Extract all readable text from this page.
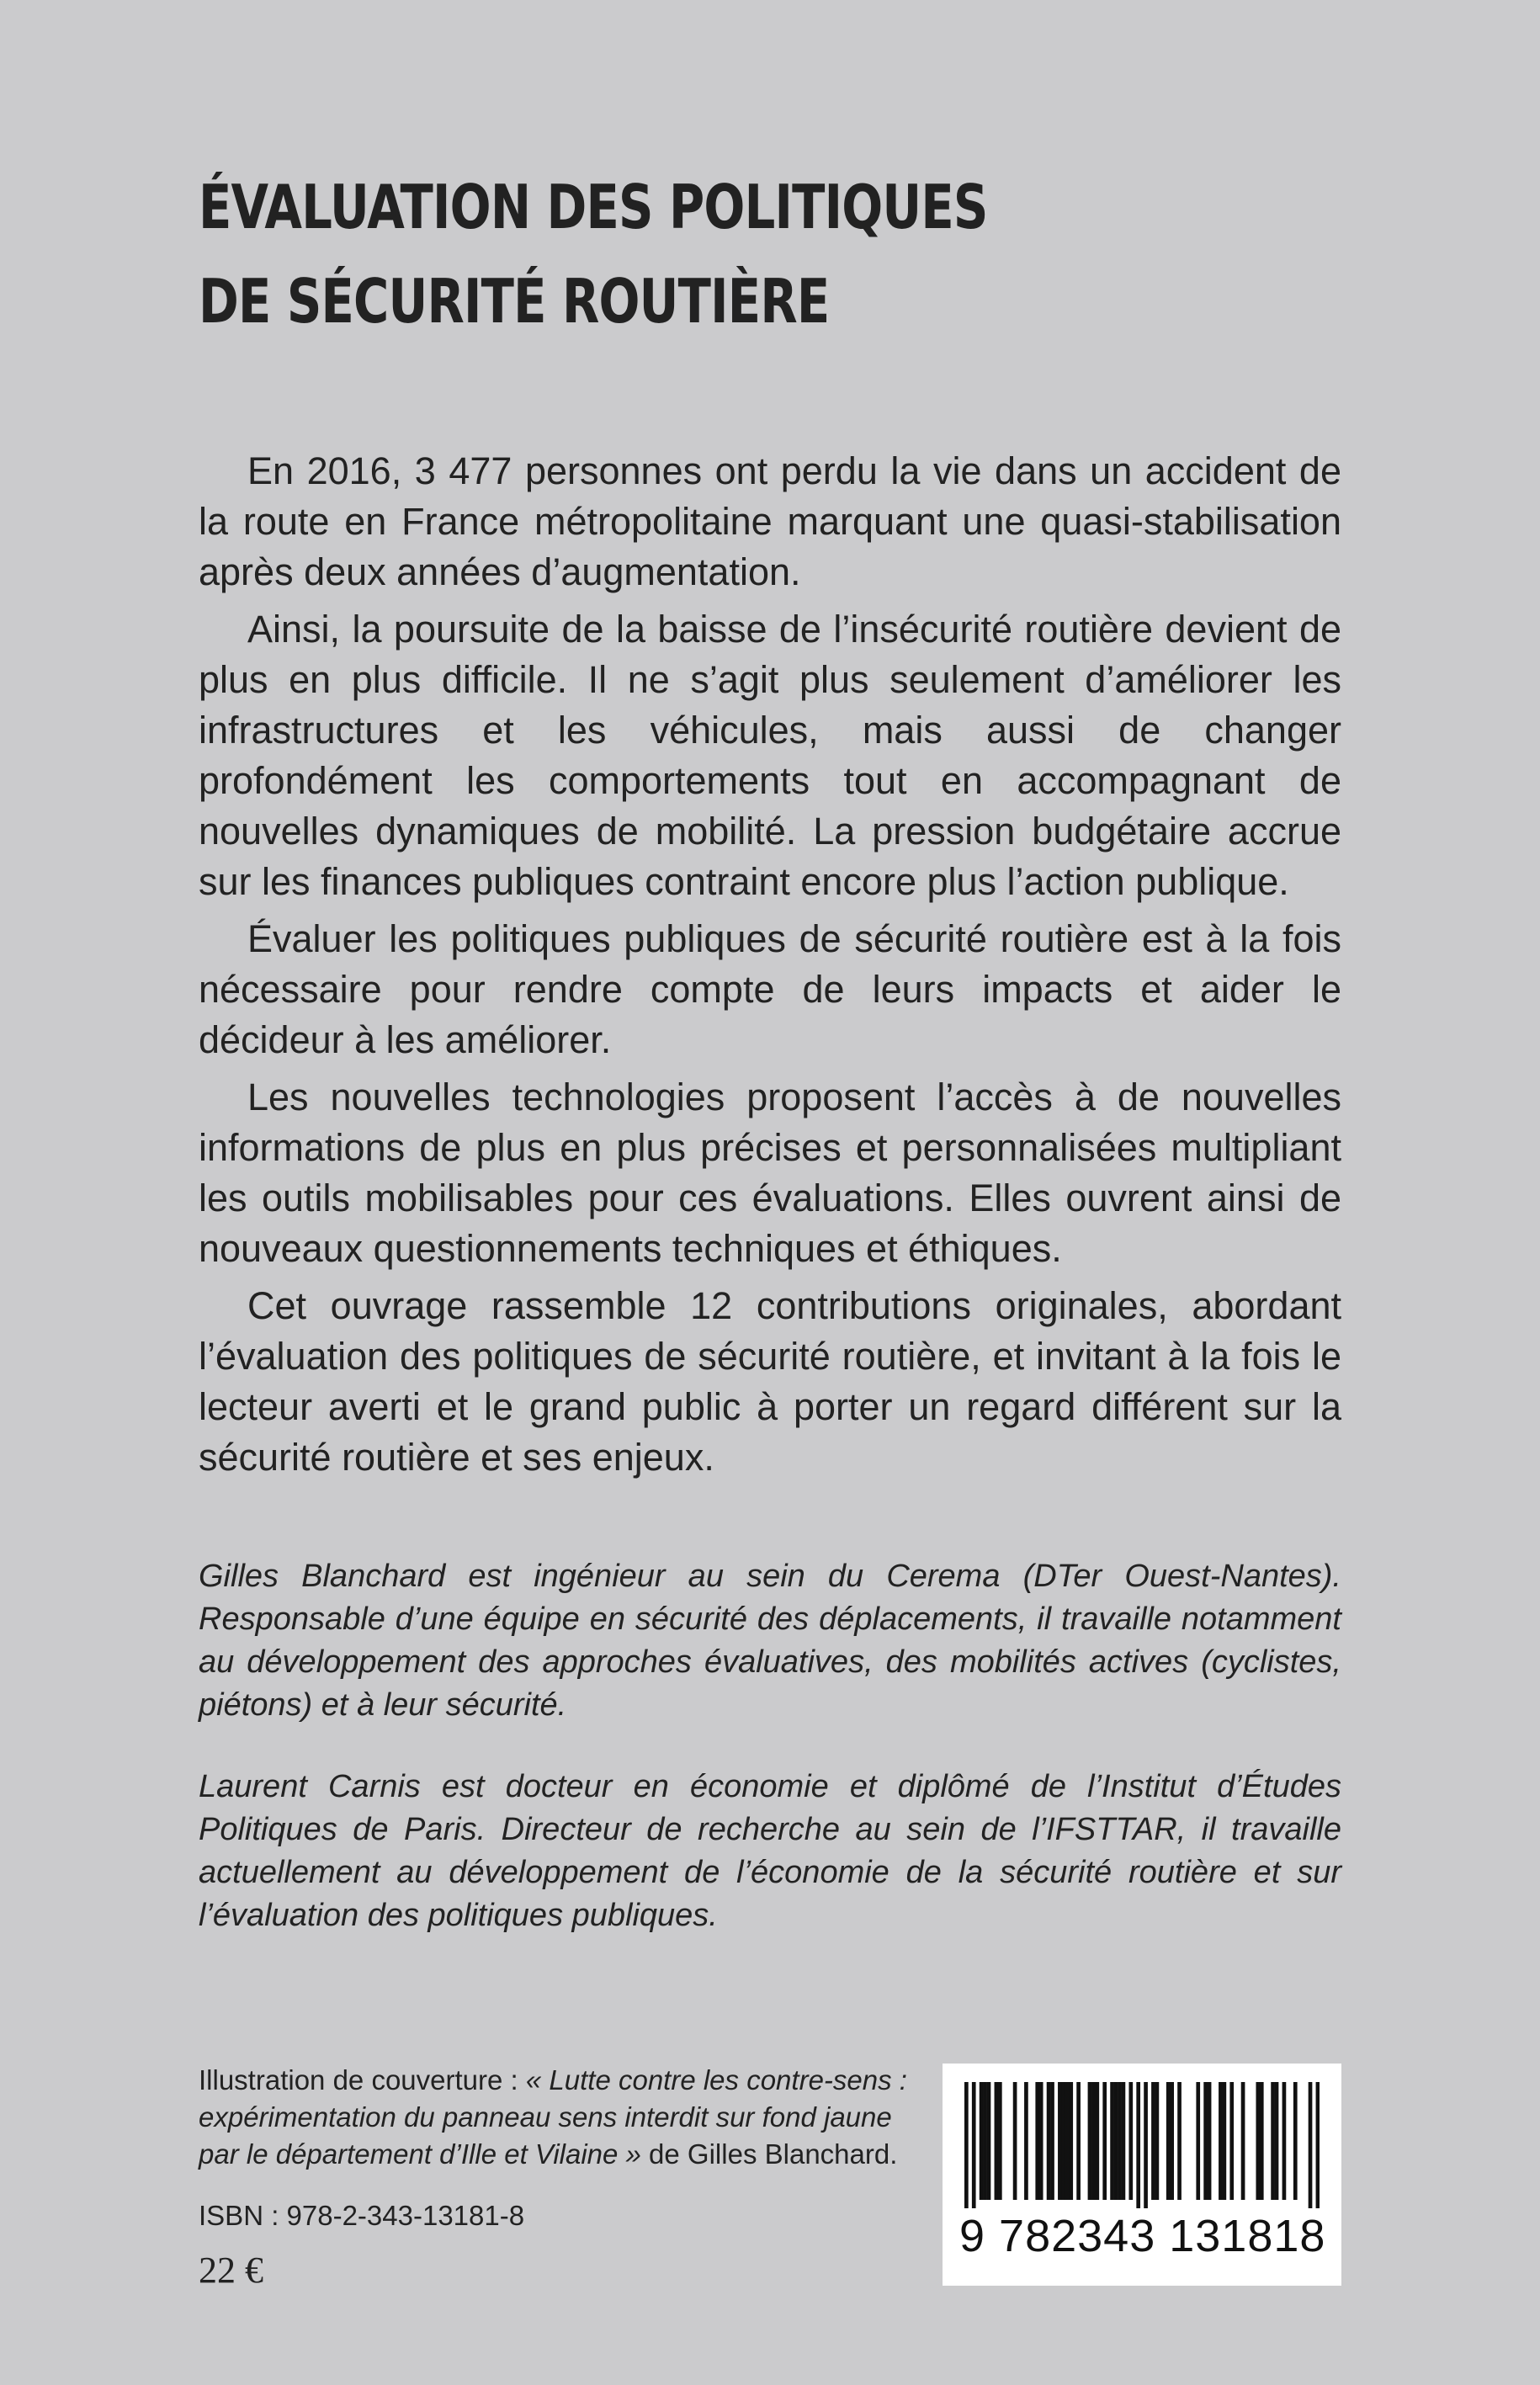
ÉVALUATION DES POLITIQUES
DE SÉCURITÉ ROUTIÈRE

En 2016, 3 477 personnes ont perdu la vie dans un accident de la route en France métropolitaine marquant une quasi-stabilisation après deux années d’augmentation.

Ainsi, la poursuite de la baisse de l’insécurité routière devient de plus en plus difficile. Il ne s’agit plus seulement d’améliorer les infrastructures et les véhicules, mais aussi de changer profondément les comportements tout en accompagnant de nouvelles dynamiques de mobilité. La pression budgétaire accrue sur les finances publiques contraint encore plus l’action publique.

Évaluer les politiques publiques de sécurité routière est à la fois nécessaire pour rendre compte de leurs impacts et aider le décideur à les améliorer.

Les nouvelles technologies proposent l’accès à de nouvelles informations de plus en plus précises et personnalisées multipliant les outils mobilisables pour ces évaluations. Elles ouvrent ainsi de nouveaux questionnements techniques et éthiques.

Cet ouvrage rassemble 12 contributions originales, abordant l’évaluation des politiques de sécurité routière, et invitant à la fois le lecteur averti et le grand public à porter un regard différent sur la sécurité routière et ses enjeux.

Gilles Blanchard est ingénieur au sein du Cerema (DTer Ouest-Nantes). Responsable d’une équipe en sécurité des déplacements, il travaille notamment au développement des approches évaluatives, des mobilités actives (cyclistes, piétons) et à leur sécurité.

Laurent Carnis est docteur en économie et diplômé de l’Institut d’Études Politiques de Paris. Directeur de recherche au sein de l’IFSTTAR, il travaille actuellement au développement de l’économie de la sécurité routière et sur l’évaluation des politiques publiques.

Illustration de couverture : « Lutte contre les contre-sens : expérimentation du panneau sens interdit sur fond jaune par le département d’Ille et Vilaine » de Gilles Blanchard.
ISBN : 978-2-343-13181-8
22 €
9 782343 131818
